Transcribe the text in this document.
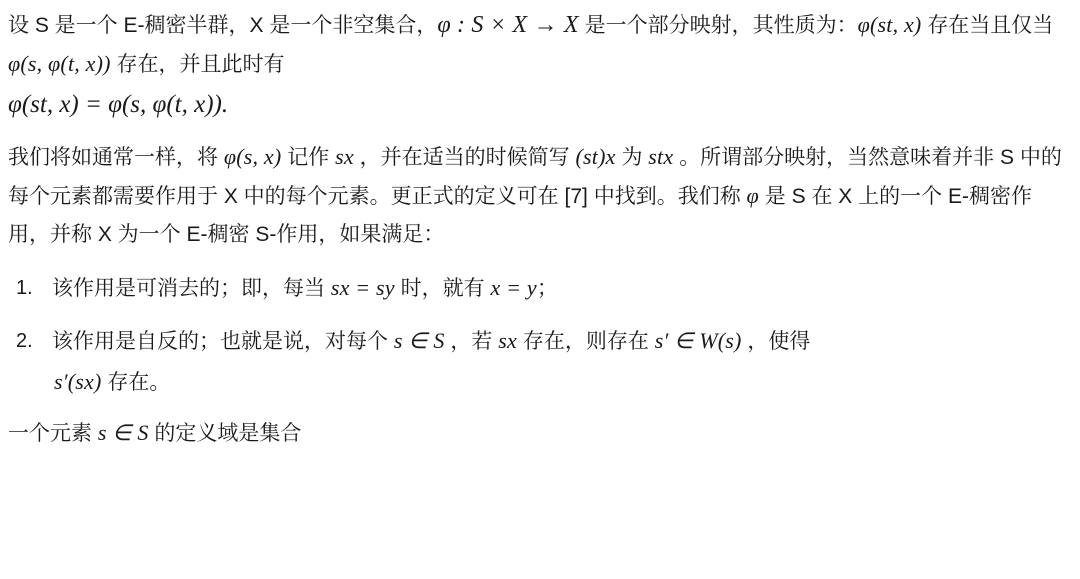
设 S 是一个 E-稠密半群，X 是一个非空集合，φ : S × X → X 是一个部分映射，其性质为：φ(st, x) 存在当且仅当 φ(s, φ(t, x)) 存在，并且此时有
φ(st, x) = φ(s, φ(t, x)).

我们将如通常一样，将 φ(s, x) 记作 sx ，并在适当的时候简写 (st)x 为 stx 。所谓部分映射，当然意味着并非 S 中的每个元素都需要作用于 X 中的每个元素。更正式的定义可在 [7] 中找到。我们称 φ 是 S 在 X 上的一个 E-稠密作用，并称 X 为一个 E-稠密 S-作用，如果满足：

该作用是可消去的；即，每当 sx = sy 时，就有 x = y；
该作用是自反的；也就是说，对每个 s ∈ S ，若 sx 存在，则存在 s′ ∈ W(s) ，使得
s′(sx) 存在。

一个元素 s ∈ S 的定义域是集合
